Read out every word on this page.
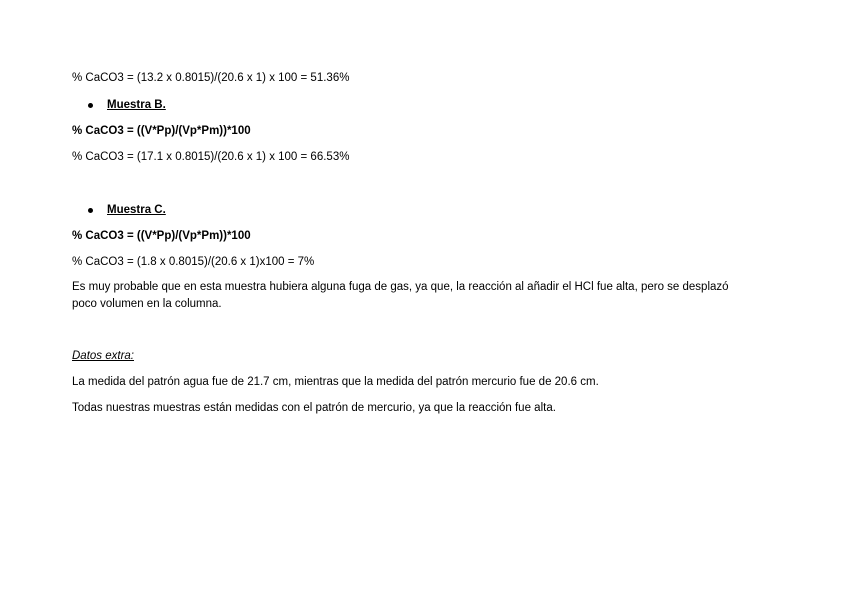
% CaCO3 = (13.2 x 0.8015)/(20.6 x 1) x 100 = 51.36%
Muestra B.
% CaCO3 = ((V*Pp)/(Vp*Pm))*100
% CaCO3 = (17.1 x 0.8015)/(20.6 x 1) x 100 = 66.53%
Muestra C.
% CaCO3 = ((V*Pp)/(Vp*Pm))*100
% CaCO3 = (1.8 x 0.8015)/(20.6 x 1)x100 = 7%
Es muy probable que en esta muestra hubiera alguna fuga de gas, ya que, la reacción al añadir el HCl fue alta, pero se desplazó
poco volumen en la columna.
Datos extra:
La medida del patrón agua fue de 21.7 cm, mientras que la medida del patrón mercurio fue de 20.6 cm.
Todas nuestras muestras están medidas con el patrón de mercurio, ya que la reacción fue alta.
